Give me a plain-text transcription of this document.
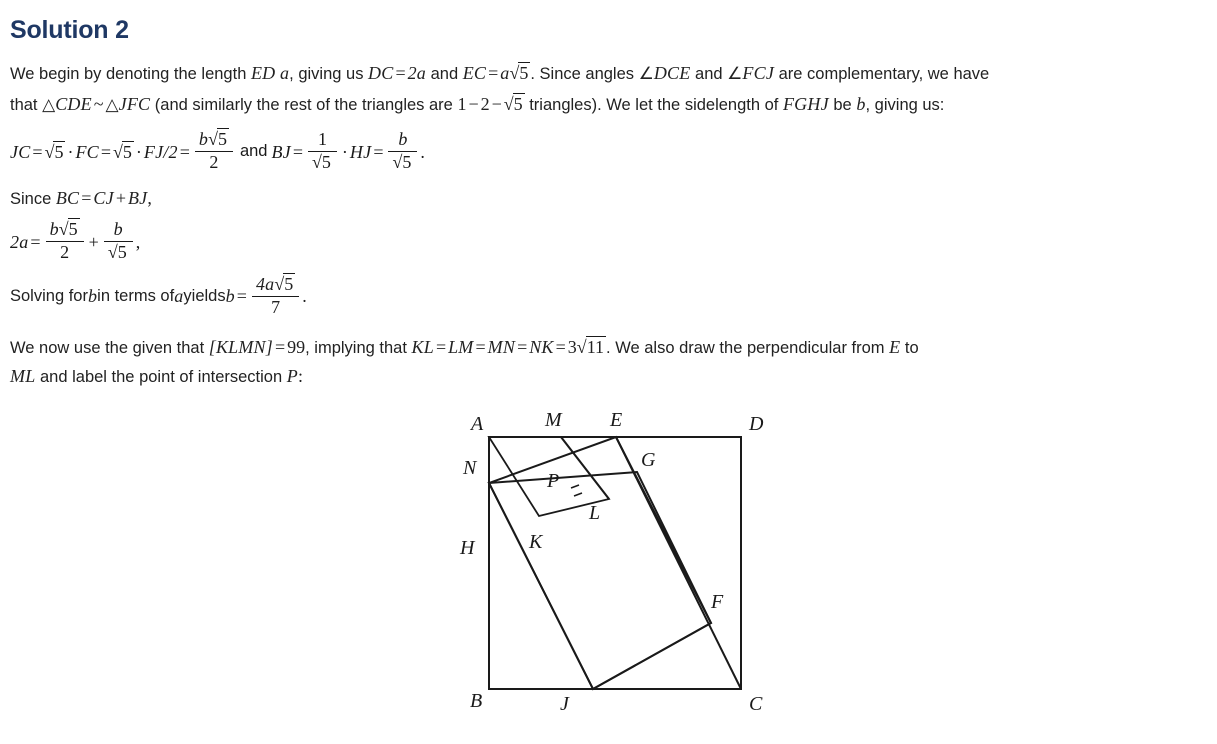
Solution 2
We begin by denoting the length ED a, giving us DC = 2a and EC = a√5 . Since angles ∠DCE and ∠FCJ are complementary, we have
that △CDE ~ △JFC (and similarly the rest of the triangles are 1 − 2 − √5 triangles). We let the sidelength of FGHJ be b, giving us:
JC = √5 · FC = $√5 \cdot FJ/2 = \frac{b√5}{2}$ and BJ = $\frac{1}{√5}$ · HJ = $\frac{b}{√5}$ .
Since BC = CJ + BJ,
$2a = \frac{b√5}{2} + \frac{b}{√5}$ ,
Solving for b in terms of a yields $b = \frac{4a√5}{7}$ .
We now use the given that [KLMN] = 99, implying that KL = LM = MN = NK = 3√11 . We also draw the perpendicular from E to
ML and label the point of intersection P:
A	M E	D
N
P
G
L
H	K
F
B	J	C
